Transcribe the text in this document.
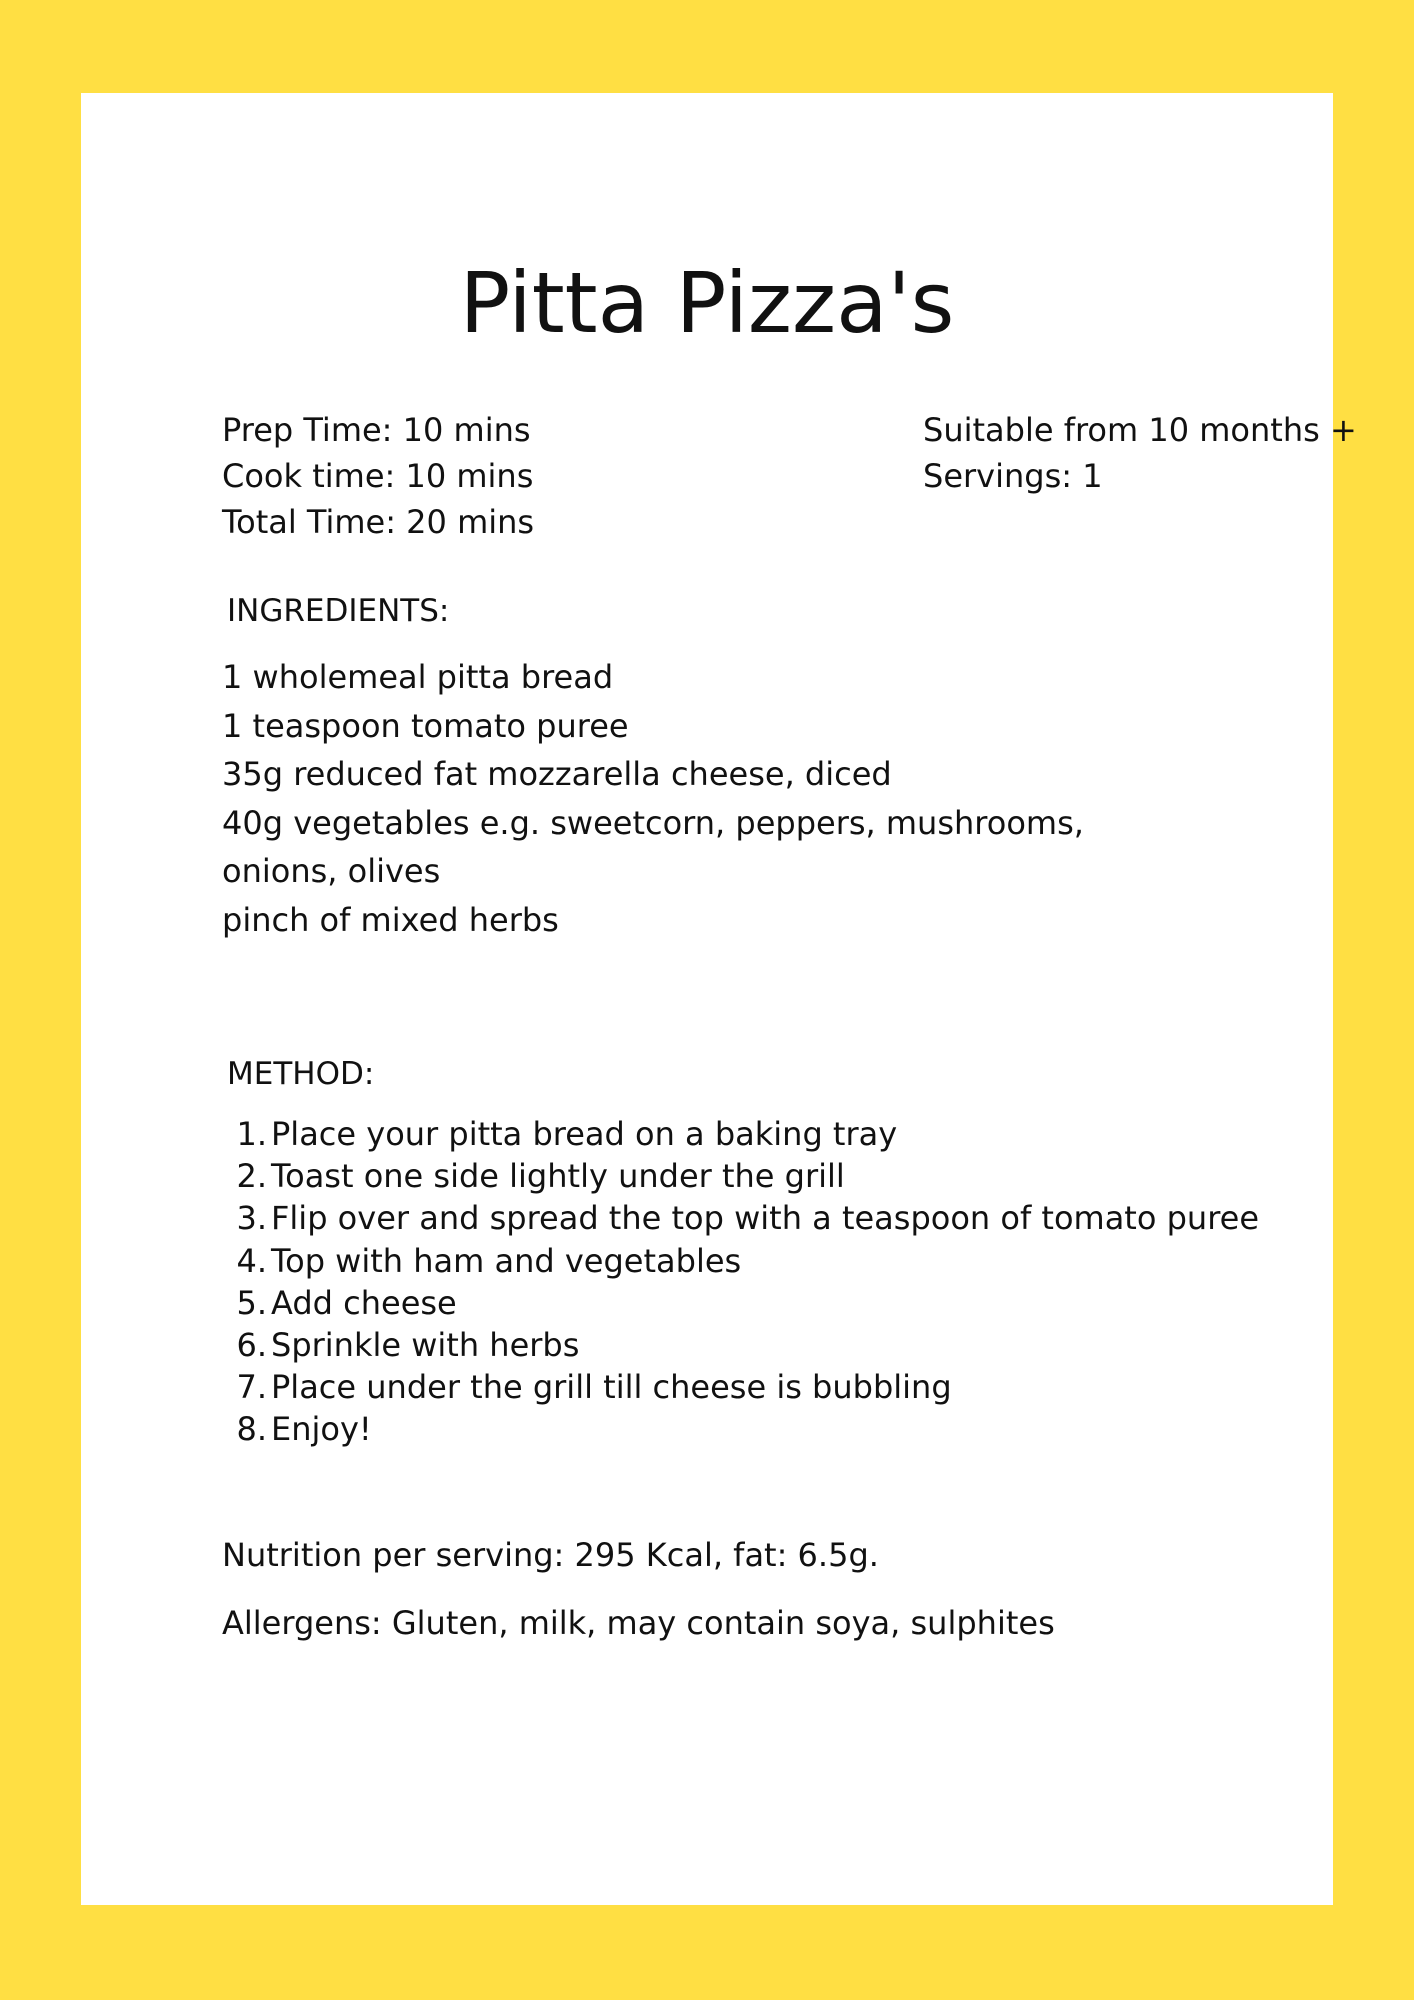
Pitta Pizza's
Prep Time: 10 mins
Cook time: 10 mins
Total Time: 20 mins
Suitable from 10 months +
Servings: 1
INGREDIENTS:
1 wholemeal pitta bread
1 teaspoon tomato puree
35g reduced fat mozzarella cheese, diced
40g vegetables e.g. sweetcorn, peppers, mushrooms,
onions, olives
pinch of mixed herbs
METHOD:
1. Place your pitta bread on a baking tray
2. Toast one side lightly under the grill
3. Flip over and spread the top with a teaspoon of tomato puree
4. Top with ham and vegetables
5. Add cheese
6. Sprinkle with herbs
7. Place under the grill till cheese is bubbling
8. Enjoy!
Nutrition per serving: 295 Kcal, fat: 6.5g.
Allergens: Gluten, milk, may contain soya, sulphites
